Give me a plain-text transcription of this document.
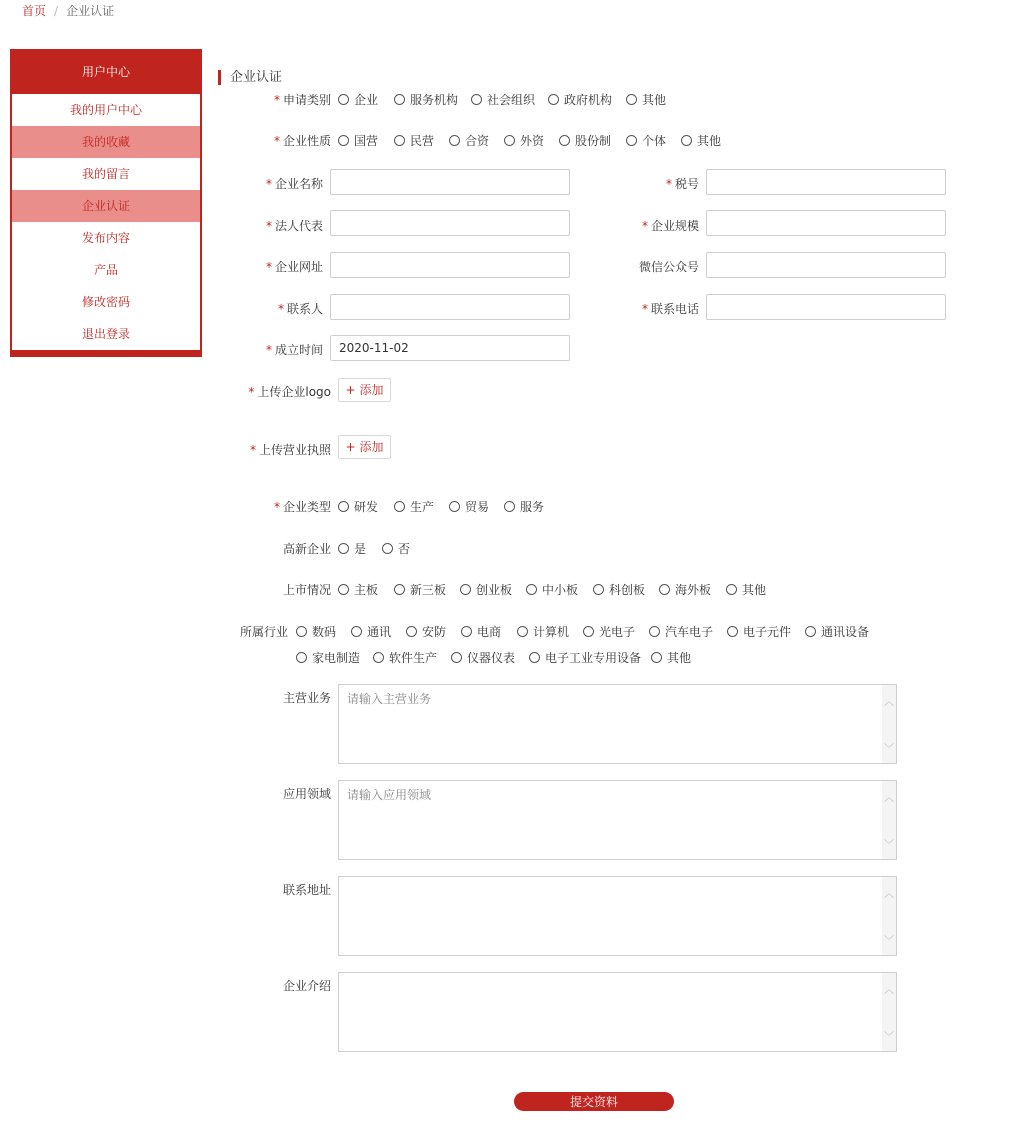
首页 / 企业认证
用户中心
我的用户中心
我的收藏
我的留言
企业认证
发布内容
产品
修改密码
退出登录
企业认证
* 申请类别 企业	服务机构 社会组织 政府机构 其他
* 企业性质 国营	民营	合资	外资	股份制	个体	其他
* 企业名称	* 税号
* 法人代表	* 企业规模
* 企业网址	微信公众号
* 联系人	* 联系电话
* 成立时间
2020-11-02
* 上传企业logo	+ 添加
* 上传营业执照	+ 添加
* 企业类型 研发	生产	贸易	服务
高新企业 是	否
上市情况 主板	新三板 创业板 中小板	科创板 海外板	其他
所属行业 数码	通讯	安防	电商	计算机 光电子 汽车电子 电子元件 通讯设备
家电制造 软件生产 仪器仪表 电子工业专用设备 其他
主营业务
请输入主营业务	︿
﹀
应用领域
请输入应用领域	︿
﹀
联系地址	︿
﹀
企业介绍	︿
﹀
提交资料
